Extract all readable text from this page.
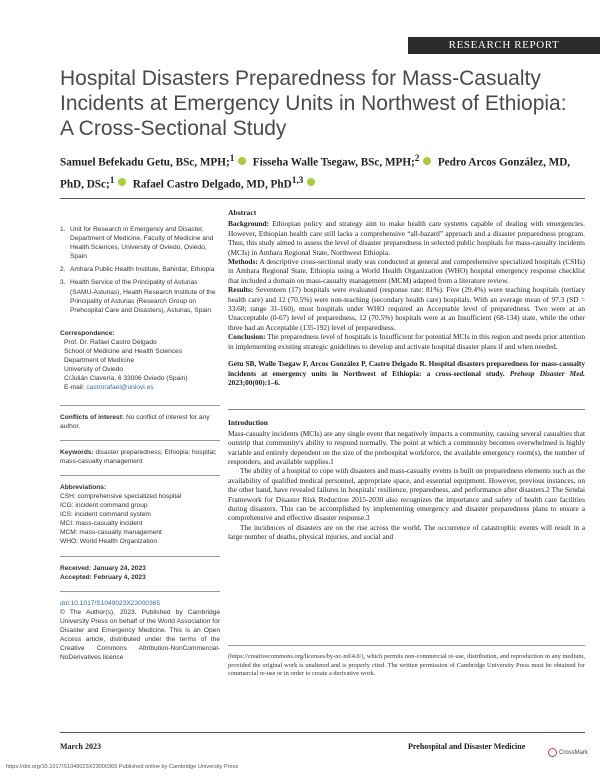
RESEARCH REPORT
Hospital Disasters Preparedness for Mass-Casualty Incidents at Emergency Units in Northwest of Ethiopia: A Cross-Sectional Study
Samuel Befekadu Getu, BSc, MPH;$^1$ Fisseha Walle Tsegaw, BSc, MPH;$^2$ Pedro Arcos González, MD, PhD, DSc;$^1$ Rafael Castro Delgado, MD, PhD$^{1,3}$
1. Unit for Research in Emergency and Disaster, Department of Medicine, Faculty of Medicine and Health Sciences, University of Oviedo, Oviedo, Spain
2. Amhara Public Health Institute, Bahirdar, Ethiopia
3. Health Service of the Principality of Asturias (SAMU-Asturias), Health Research Institute of the Principality of Asturias (Research Group on Prehospital Care and Disasters), Asturias, Spain
Correspondence:
Prof. Dr. Rafael Castro Delgado
School of Medicine and Health Sciences
Department of Medicine
University of Oviedo
C/Julián Clavería, 6 33006 Oviedo (Spain)
E-mail: castrorafael@uniovi.es
Conflicts of interest: No conflict of interest for any author.
Keywords: disaster preparedness; Ethiopia; hospital; mass-casualty management
Abbreviations:
CSH: comprehensive specialized hospital
ICG: incident command group
ICS: incident command system
MCI: mass-casualty incident
MCM: mass-casualty management
WHO: World Health Organization
Received: January 24, 2023
Accepted: February 4, 2023
doi:10.1017/S1049023X23000365
© The Author(s), 2023. Published by Cambridge University Press on behalf of the World Association for Disaster and Emergency Medicine. This is an Open Access article, distributed under the terms of the Creative Commons Attribution-NonCommercial-NoDerivatives licence
Abstract

Background: Ethiopian policy and strategy aim to make health care systems capable of dealing with emergencies. However, Ethiopian health care still lacks a comprehensive “all-hazard” approach and a disaster preparedness program. Thus, this study aimed to assess the level of disaster preparedness in selected public hospitals for mass-casualty incidents (MCIs) in Amhara Regional State, Northwest Ethiopia.

Methods: A descriptive cross-sectional study was conducted at general and comprehensive specialized hospitals (CSHs) in Amhara Regional State, Ethiopia using a World Health Organization (WHO) hospital emergency response checklist that included a domain on mass-casualty management (MCM) adapted from a literature review.

Results: Seventeen (17) hospitals were evaluated (response rate: 81%). Five (29.4%) were teaching hospitals (tertiary health care) and 12 (70.5%) were non-teaching (secondary health care) hospitals. With an average mean of 97.3 (SD = 33.68; range 31-160), most hospitals under WHO required an Acceptable level of preparedness. Two were at an Unacceptable (0-67) level of preparedness, 12 (70.5%) hospitals were at an Insufficient (68-134) state, while the other three had an Acceptable (135-192) level of preparedness.

Conclusion: The preparedness level of hospitals is Insufficient for potential MCIs in this region and needs prior attention in implementing existing strategic guidelines to develop and activate hospital disaster plans if and when needed.

Getu SB, Walle Tsegaw F, Arcos González P, Castro Delgado R. Hospital disasters preparedness for mass-casualty incidents at emergency units in Northwest of Ethiopia: a cross-sectional study. Prehosp Disaster Med. 2023;00(00):1–6.

Introduction

Mass-casualty incidents (MCIs) are any single event that negatively impacts a community, causing several casualties that outstrip that community's ability to respond normally. The point at which a community becomes overwhelmed is highly variable and entirely dependent on the size of the prehospital workforce, the available emergency room(s), the number of responders, and available supplies.1

The ability of a hospital to cope with disasters and mass-casualty events is built on preparedness elements such as the availability of qualified medical personnel, appropriate space, and essential equipment. However, previous instances, on the other hand, have revealed failures in hospitals' resilience, preparedness, and performance after disasters.2 The Sendai Framework for Disaster Risk Reduction 2015-2030 also recognizes the importance and safety of health care facilities during disasters. This can be accomplished by implementing emergency and disaster preparedness plans to ensure a comprehensive and effective disaster response.3

The incidences of disasters are on the rise across the world. The occurrence of catastrophic events will result in a large number of deaths, physical injuries, and social and

(https://creativecommons.org/licenses/by-nc-nd/4.0/), which permits non-commercial re-use, distribution, and reproduction in any medium, provided the original work is unaltered and is properly cited. The written permission of Cambridge University Press must be obtained for commercial re-use or in order to create a derivative work.
March 2023	Prehospital and Disaster Medicine
CrossMark
https://doi.org/10.1017/S1049023X23000365 Published online by Cambridge University Press
